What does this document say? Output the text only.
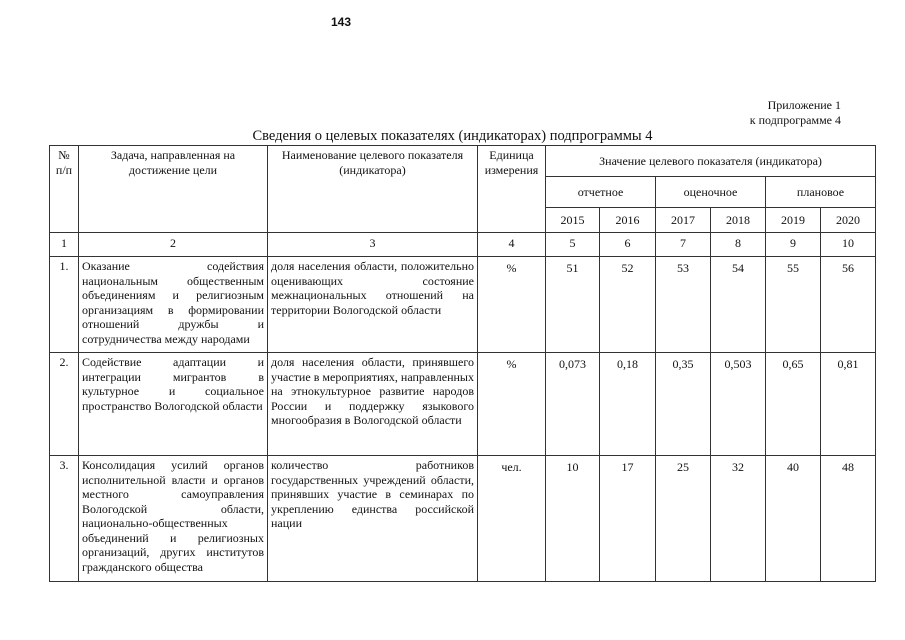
143
Приложение 1
к подпрограмме 4
Сведения о целевых показателях (индикаторах) подпрограммы 4
№ п/п	Задача, направленная на достижение цели	Наименование целевого показателя (индикатора)	Единица измерения	Значение целевого показателя (индикатора)					
				отчетное		оценочное		плановое	
				2015	2016	2017	2018	2019	2020
1	2	3	4	5	6	7	8	9	10
1.	Оказание содействия национальным общественным объединениям и религиозным организациям в формировании отношений дружбы и сотрудничества между народами	доля населения области, положительно оценивающих состояние межнациональных отношений на территории Вологодской области	%	51	52	53	54	55	56
2.	Содействие адаптации и интеграции мигрантов в культурное и социальное пространство Вологодской области	доля населения области, принявшего участие в мероприятиях, направленных на этнокультурное развитие народов России и поддержку языкового многообразия в Вологодской области	%	0,073	0,18	0,35	0,503	0,65	0,81
3.	Консолидация усилий органов исполнительной власти и органов местного самоуправления Вологодской области, национально-общественных объединений и религиозных организаций, других институтов гражданского общества	количество работников государственных учреждений области, принявших участие в семинарах по укреплению единства российской нации	чел.	10	17	25	32	40	48
